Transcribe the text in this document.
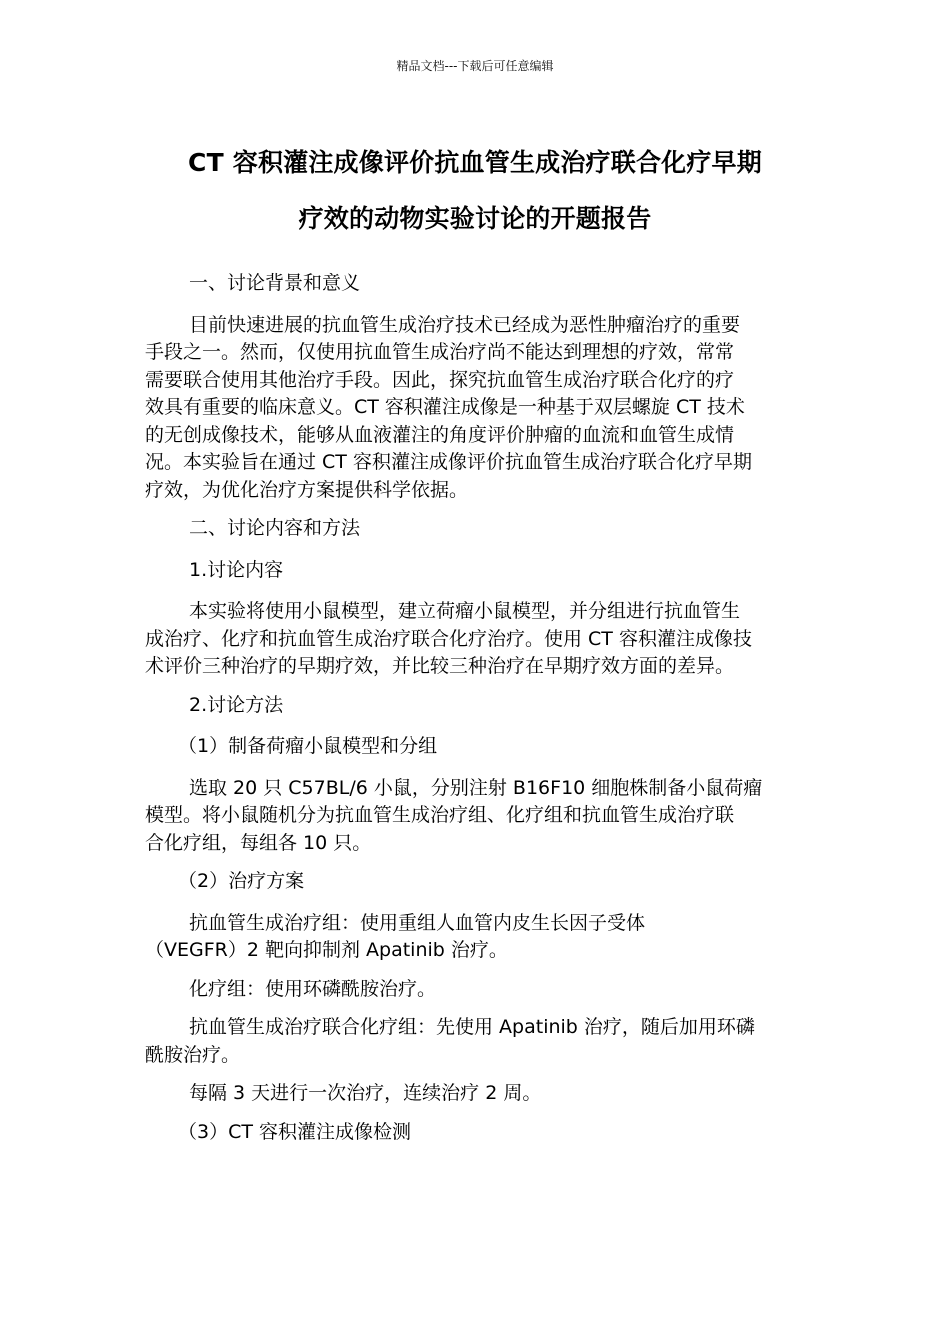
精品文档---下载后可任意编辑
CT 容积灌注成像评价抗血管生成治疗联合化疗早期
疗效的动物实验讨论的开题报告

一、讨论背景和意义

目前快速进展的抗血管生成治疗技术已经成为恶性肿瘤治疗的重要
手段之一。然而，仅使用抗血管生成治疗尚不能达到理想的疗效，常常
需要联合使用其他治疗手段。因此，探究抗血管生成治疗联合化疗的疗
效具有重要的临床意义。CT 容积灌注成像是一种基于双层螺旋 CT 技术
的无创成像技术，能够从血液灌注的角度评价肿瘤的血流和血管生成情
况。本实验旨在通过 CT 容积灌注成像评价抗血管生成治疗联合化疗早期
疗效，为优化治疗方案提供科学依据。

二、讨论内容和方法

1.讨论内容

本实验将使用小鼠模型，建立荷瘤小鼠模型，并分组进行抗血管生
成治疗、化疗和抗血管生成治疗联合化疗治疗。使用 CT 容积灌注成像技
术评价三种治疗的早期疗效，并比较三种治疗在早期疗效方面的差异。

2.讨论方法

（1）制备荷瘤小鼠模型和分组

选取 20 只 C57BL/6 小鼠，分别注射 B16F10 细胞株制备小鼠荷瘤
模型。将小鼠随机分为抗血管生成治疗组、化疗组和抗血管生成治疗联
合化疗组，每组各 10 只。

（2）治疗方案

抗血管生成治疗组：使用重组人血管内皮生长因子受体
（VEGFR）2 靶向抑制剂 Apatinib 治疗。

化疗组：使用环磷酰胺治疗。

抗血管生成治疗联合化疗组：先使用 Apatinib 治疗，随后加用环磷
酰胺治疗。

每隔 3 天进行一次治疗，连续治疗 2 周。

（3）CT 容积灌注成像检测
